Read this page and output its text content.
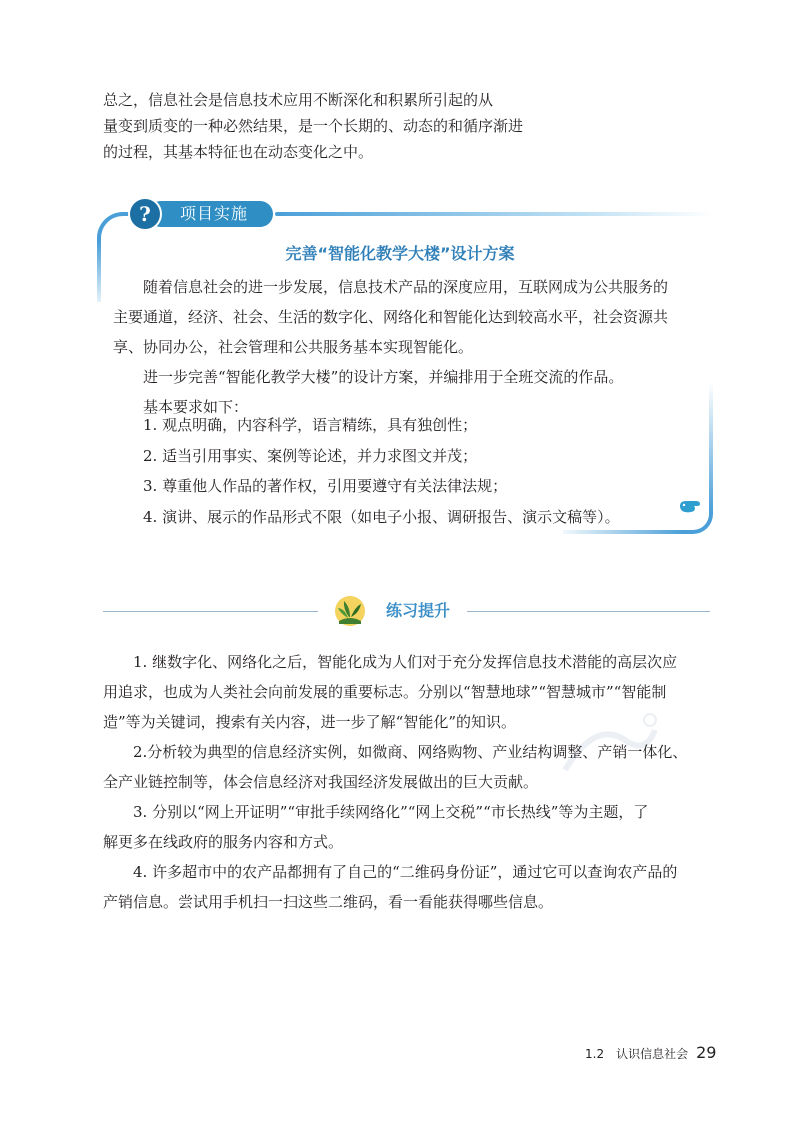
总之，信息社会是信息技术应用不断深化和积累所引起的从
量变到质变的一种必然结果，是一个长期的、动态的和循序渐进
的过程，其基本特征也在动态变化之中。
?	项目实施
完善“智能化教学大楼”设计方案
　　随着信息社会的进一步发展，信息技术产品的深度应用，互联网成为公共服务的
主要通道，经济、社会、生活的数字化、网络化和智能化达到较高水平，社会资源共
享、协同办公，社会管理和公共服务基本实现智能化。
　　进一步完善“智能化教学大楼”的设计方案，并编排用于全班交流的作品。
　　基本要求如下：
1. 观点明确，内容科学，语言精练，具有独创性；
2. 适当引用事实、案例等论述，并力求图文并茂；
3. 尊重他人作品的著作权，引用要遵守有关法律法规；
4. 演讲、展示的作品形式不限（如电子小报、调研报告、演示文稿等）。
练习提升
　　1. 继数字化、网络化之后，智能化成为人们对于充分发挥信息技术潜能的高层次应
用追求，也成为人类社会向前发展的重要标志。分别以“智慧地球”“智慧城市”“智能制
造”等为关键词，搜索有关内容，进一步了解“智能化”的知识。
　　2.分析较为典型的信息经济实例，如微商、网络购物、产业结构调整、产销一体化、
全产业链控制等，体会信息经济对我国经济发展做出的巨大贡献。
　　3. 分别以“网上开证明”“审批手续网络化”“网上交税”“市长热线”等为主题，了
解更多在线政府的服务内容和方式。
　　4. 许多超市中的农产品都拥有了自己的“二维码身份证”，通过它可以查询农产品的
产销信息。尝试用手机扫一扫这些二维码，看一看能获得哪些信息。
1.2　认识信息社会 29
